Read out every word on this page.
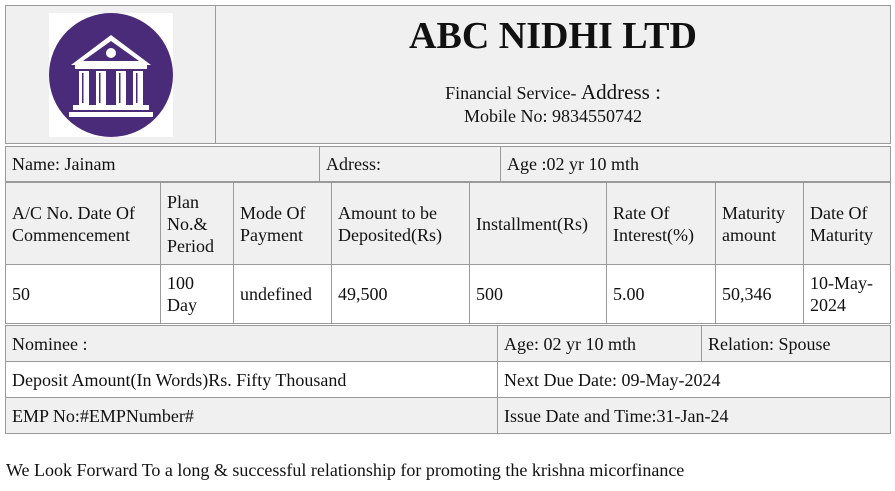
ABC NIDHI LTD
Financial Service- Address :
Mobile No: 9834550742
Name: Jainam	Adress:	Age :02 yr 10 mth
A/C No. Date Of Commencement	Plan No.& Period	Mode Of Payment	Amount to be Deposited(Rs)	Installment(Rs)	Rate Of Interest(%)	Maturity amount	Date Of Maturity
50	100 Day	undefined	49,500	500	5.00	50,346	10-May-2024
Nominee :	Age: 02 yr 10 mth	Relation: Spouse
Deposit Amount(In Words)Rs. Fifty Thousand	Next Due Date: 09-May-2024	
EMP No:#EMPNumber#	Issue Date and Time:31-Jan-24	
We Look Forward To a long & successful relationship for promoting the krishna micorfinance
